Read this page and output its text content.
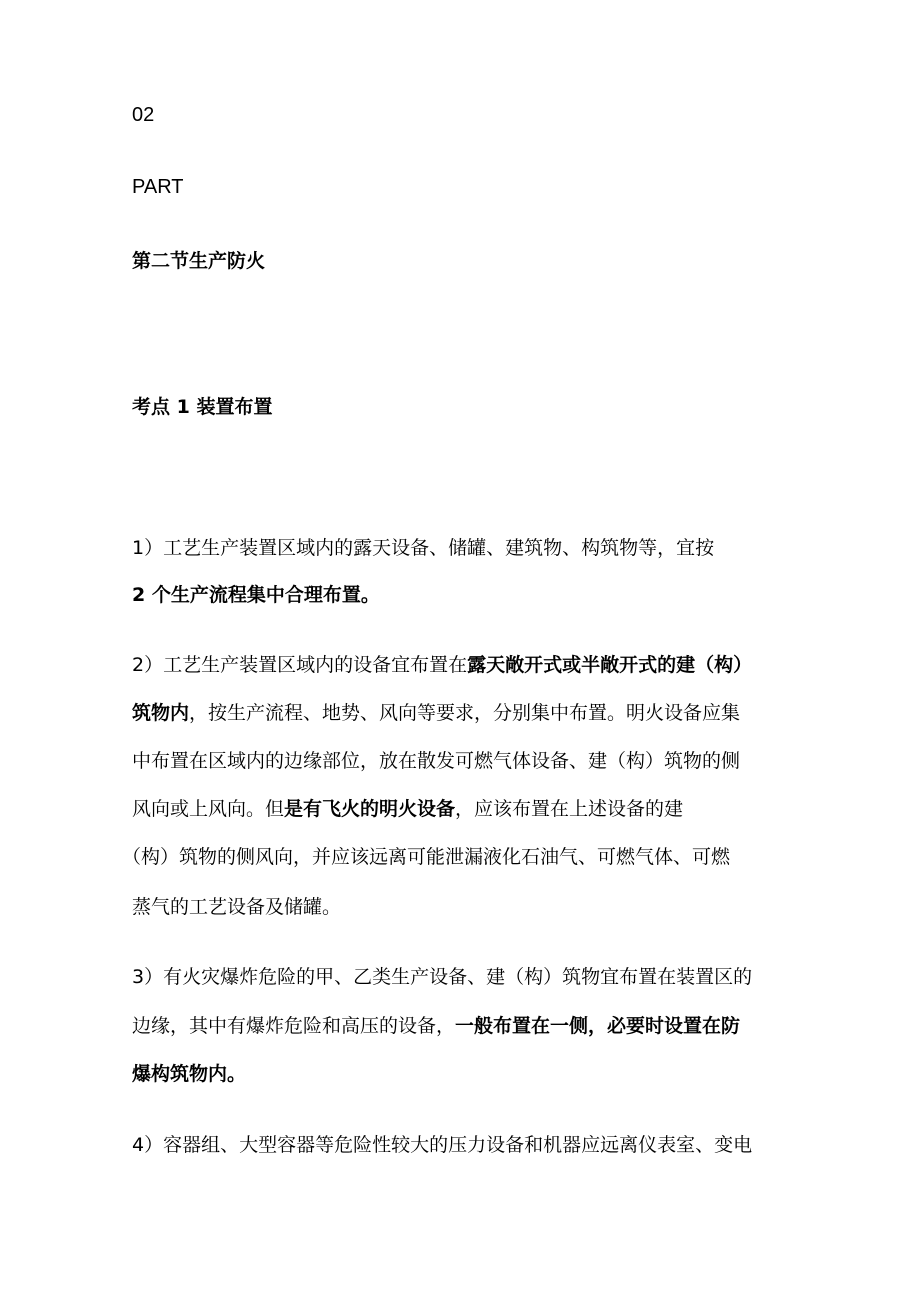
02
PART
第二节生产防火
考点 1 装置布置
1）工艺生产装置区域内的露天设备、储罐、建筑物、构筑物等，宜按
2 个生产流程集中合理布置。
2）工艺生产装置区域内的设备宜布置在露天敞开式或半敞开式的建（构）
筑物内，按生产流程、地势、风向等要求，分别集中布置。明火设备应集
中布置在区域内的边缘部位，放在散发可燃气体设备、建（构）筑物的侧
风向或上风向。但是有飞火的明火设备，应该布置在上述设备的建
（构）筑物的侧风向，并应该远离可能泄漏液化石油气、可燃气体、可燃
蒸气的工艺设备及储罐。
3）有火灾爆炸危险的甲、乙类生产设备、建（构）筑物宜布置在装置区的
边缘，其中有爆炸危险和高压的设备，一般布置在一侧，必要时设置在防
爆构筑物内。
4）容器组、大型容器等危险性较大的压力设备和机器应远离仪表室、变电
